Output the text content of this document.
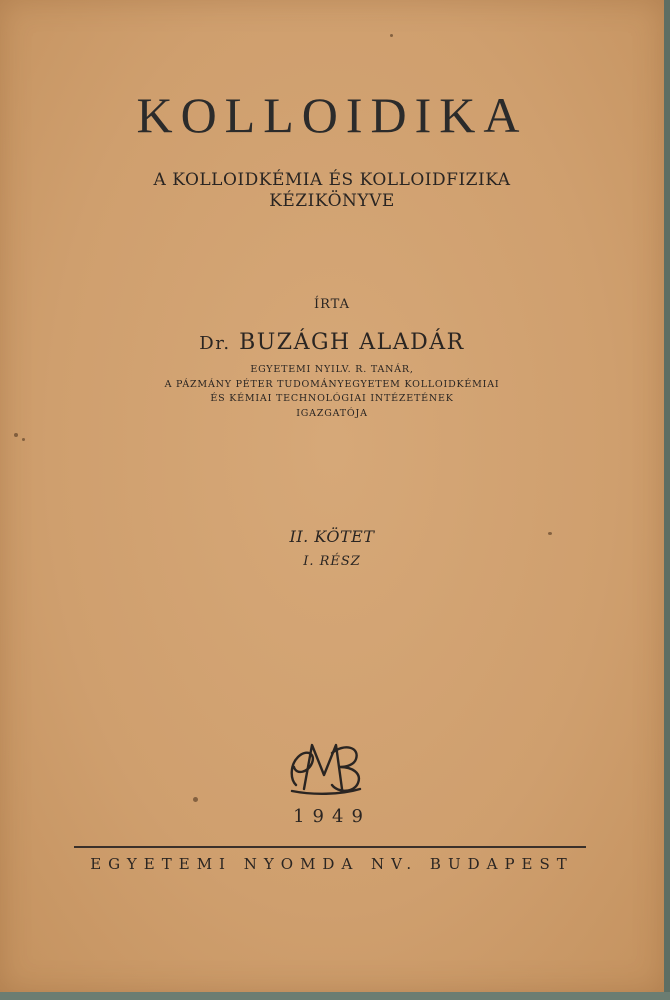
KOLLOIDIKA
A KOLLOIDKÉMIA ÉS KOLLOIDFIZIKA
KÉZIKÖNYVE
ÍRTA
Dr. BUZÁGH ALADÁR
EGYETEMI NYILV. R. TANÁR,
A PÁZMÁNY PÉTER TUDOMÁNYEGYETEM KOLLOIDKÉMIAI
ÉS KÉMIAI TECHNOLÓGIAI INTÉZETÉNEK
IGAZGATÓJA
II. KÖTET
I. RÉSZ
1949
EGYETEMI NYOMDA NV. BUDAPEST
